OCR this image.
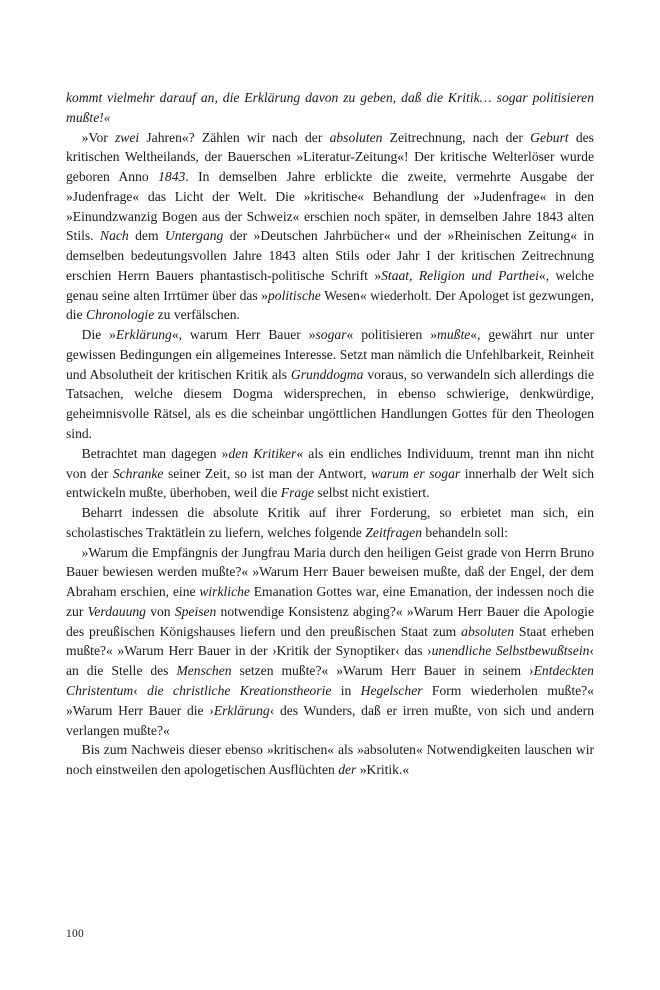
kommt vielmehr darauf an, die Erklärung davon zu geben, daß die Kritik… sogar politisieren mußte!«

»Vor zwei Jahren«? Zählen wir nach der absoluten Zeitrechnung, nach der Geburt des kritischen Weltheilands, der Bauerschen »Literatur-Zeitung«! Der kritische Welterlöser wurde geboren Anno 1843. In demselben Jahre erblickte die zweite, vermehrte Ausgabe der »Judenfrage« das Licht der Welt. Die »kritische« Behandlung der »Judenfrage« in den »Einundzwanzig Bogen aus der Schweiz« erschien noch später, in demselben Jahre 1843 alten Stils. Nach dem Untergang der »Deutschen Jahrbücher« und der »Rheinischen Zeitung« in demselben bedeutungsvollen Jahre 1843 alten Stils oder Jahr I der kritischen Zeitrechnung erschien Herrn Bauers phantastisch-politische Schrift »Staat, Religion und Parthei«, welche genau seine alten Irrtümer über das »politische Wesen« wiederholt. Der Apologet ist gezwungen, die Chronologie zu verfälschen.

Die »Erklärung«, warum Herr Bauer »sogar« politisieren »mußte«, gewährt nur unter gewissen Bedingungen ein allgemeines Interesse. Setzt man nämlich die Unfehlbarkeit, Reinheit und Absolutheit der kritischen Kritik als Grunddogma voraus, so verwandeln sich allerdings die Tatsachen, welche diesem Dogma widersprechen, in ebenso schwierige, denkwürdige, geheimnisvolle Rätsel, als es die scheinbar ungöttlichen Handlungen Gottes für den Theologen sind.

Betrachtet man dagegen »den Kritiker« als ein endliches Individuum, trennt man ihn nicht von der Schranke seiner Zeit, so ist man der Antwort, warum er sogar innerhalb der Welt sich entwickeln mußte, überhoben, weil die Frage selbst nicht existiert.

Beharrt indessen die absolute Kritik auf ihrer Forderung, so erbietet man sich, ein scholastisches Traktätlein zu liefern, welches folgende Zeitfragen behandeln soll:

»Warum die Empfängnis der Jungfrau Maria durch den heiligen Geist grade von Herrn Bruno Bauer bewiesen werden mußte?« »Warum Herr Bauer beweisen mußte, daß der Engel, der dem Abraham erschien, eine wirkliche Emanation Gottes war, eine Emanation, der indessen noch die zur Verdauung von Speisen notwendige Konsistenz abging?« »Warum Herr Bauer die Apologie des preußischen Königshauses liefern und den preußischen Staat zum absoluten Staat erheben mußte?« »Warum Herr Bauer in der ›Kritik der Synoptiker‹ das ›unendliche Selbstbewußtsein‹ an die Stelle des Menschen setzen mußte?« »Warum Herr Bauer in seinem ›Entdeckten Christentum‹ die christliche Kreationstheorie in Hegelscher Form wiederholen mußte?« »Warum Herr Bauer die ›Erklärung‹ des Wunders, daß er irren mußte, von sich und andern verlangen mußte?«

Bis zum Nachweis dieser ebenso »kritischen« als »absoluten« Notwendigkeiten lauschen wir noch einstweilen den apologetischen Ausflüchten der »Kritik.«

100
